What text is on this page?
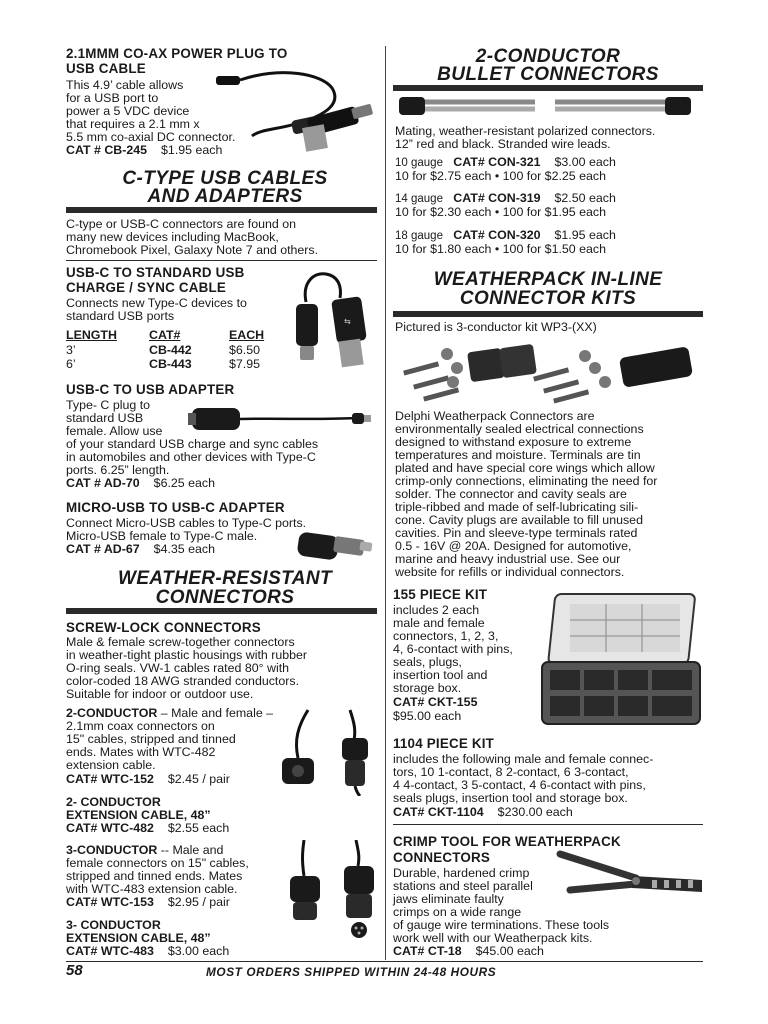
2.1MMM CO-AX POWER PLUG TO
USB CABLE
This 4.9’ cable allows
for a USB port to
power a 5 VDC device
that requires a 2.1 mm x
5.5 mm co-axial DC connector.
CAT # CB-245 $1.95 each
C-TYPE USB CABLES
AND ADAPTERS
C-type or USB-C connectors are found on
many new devices including MacBook,
Chromebook Pixel, Galaxy Note 7 and others.
USB-C TO STANDARD USB
CHARGE / SYNC CABLE
Connects new Type-C devices to
standard USB ports
LENGTH	CAT#	EACH
3’	CB-442	$6.50
6’	CB-443	$7.95
⇆
USB-C TO USB ADAPTER
Type- C plug to
standard USB
female. Allow use
of your standard USB charge and sync cables
in automobiles and other devices with Type-C
ports. 6.25” length.
CAT # AD-70 $6.25 each
MICRO-USB TO USB-C ADAPTER
Connect Micro-USB cables to Type-C ports.
Micro-USB female to Type-C male.
CAT # AD-67 $4.35 each
WEATHER-RESISTANT
CONNECTORS
SCREW-LOCK CONNECTORS
Male & female screw-together connectors
in weather-tight plastic housings with rubber
O-ring seals. VW-1 cables rated 80° with
color-coded 18 AWG stranded conductors.
Suitable for indoor or outdoor use.
2-CONDUCTOR – Male and female –
2.1mm coax connectors on
15" cables, stripped and tinned
ends. Mates with WTC-482
extension cable.
CAT# WTC-152 $2.45 / pair
2- CONDUCTOR
EXTENSION CABLE, 48”
CAT# WTC-482 $2.55 each
3-CONDUCTOR -- Male and
female connectors on 15" cables,
stripped and tinned ends. Mates
with WTC-483 extension cable.
CAT# WTC-153 $2.95 / pair
3- CONDUCTOR
EXTENSION CABLE, 48”
CAT# WTC-483 $3.00 each
2-CONDUCTOR
BULLET CONNECTORS
Mating, weather-resistant polarized connectors.
12” red and black. Stranded wire leads.
10 gauge CAT# CON-321 $3.00 each
10 for $2.75 each • 100 for $2.25 each
14 gauge CAT# CON-319 $2.50 each
10 for $2.30 each • 100 for $1.95 each
18 gauge CAT# CON-320 $1.95 each
10 for $1.80 each • 100 for $1.50 each
WEATHERPACK IN-LINE
CONNECTOR KITS
Pictured is 3-conductor kit WP3-(XX)
Delphi Weatherpack Connectors are
environmentally sealed electrical connections
designed to withstand exposure to extreme
temperatures and moisture. Terminals are tin
plated and have special core wings which allow
crimp-only connections, eliminating the need for
solder. The connector and cavity seals are
triple-ribbed and made of self-lubricating sili-
cone. Cavity plugs are available to fill unused
cavities. Pin and sleeve-type terminals rated
0.5 - 16V @ 20A. Designed for automotive,
marine and heavy industrial use. See our
website for refills or individual connectors.
155 PIECE KIT
includes 2 each
male and female
connectors, 1, 2, 3,
4, 6-contact with pins,
seals, plugs,
insertion tool and
storage box.
CAT# CKT-155
$95.00 each
1104 PIECE KIT
includes the following male and female connec-
tors, 10 1-contact, 8 2-contact, 6 3-contact,
4 4-contact, 3 5-contact, 4 6-contact with pins,
seals plugs, insertion tool and storage box.
CAT# CKT-1104 $230.00 each
CRIMP TOOL FOR WEATHERPACK
CONNECTORS
Durable, hardened crimp
stations and steel parallel
jaws eliminate faulty
crimps on a wide range
of gauge wire terminations. These tools
work well with our Weatherpack kits.
CAT# CT-18 $45.00 each
58	MOST ORDERS SHIPPED WITHIN 24-48 HOURS
